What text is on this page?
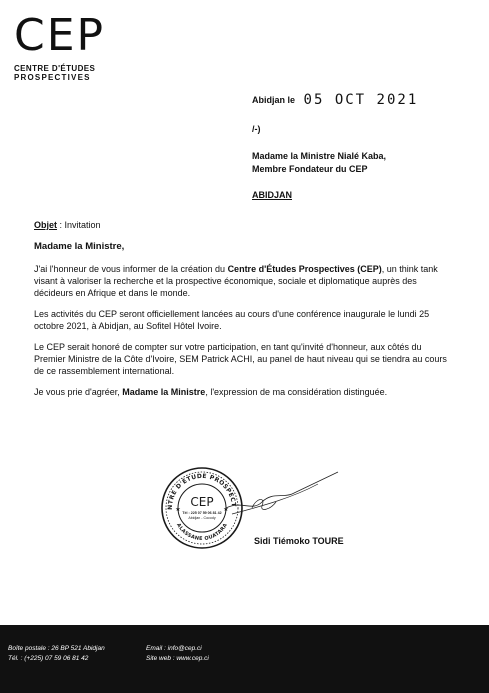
CEP
CENTRE D'ÉTUDES
PROSPECTIVES
Abidjan le 05 OCT 2021
/-)
Madame la Ministre Nialé Kaba,
Membre Fondateur du CEP
ABIDJAN

Objet : Invitation

Madame la Ministre,

J'ai l'honneur de vous informer de la création du Centre d'Études Prospectives (CEP), un think tank visant à valoriser la recherche et la prospective économique, sociale et diplomatique auprès des décideurs en Afrique et dans le monde.

Les activités du CEP seront officiellement lancées au cours d'une conférence inaugurale le lundi 25 octobre 2021, à Abidjan, au Sofitel Hôtel Ivoire.

Le CEP serait honoré de compter sur votre participation, en tant qu'invité d'honneur, aux côtés du Premier Ministre de la Côte d'Ivoire, SEM Patrick ACHI, au panel de haut niveau qui se tiendra au cours de ce rassemblement international.

Je vous prie d'agréer, Madame la Ministre, l'expression de ma considération distinguée.

NTRE D'ÉTUDE PROSPECT
ALASSANE OUATARA
CEP
Tél : 225 07 59 06 81 42
Abidjan - Cocody
★	★
Sidi Tiémoko TOURE
Boîte postale : 26 BP 521 Abidjan
Tél. : (+225) 07 59 06 81 42
Email : info@cep.ci
Site web : www.cep.ci
